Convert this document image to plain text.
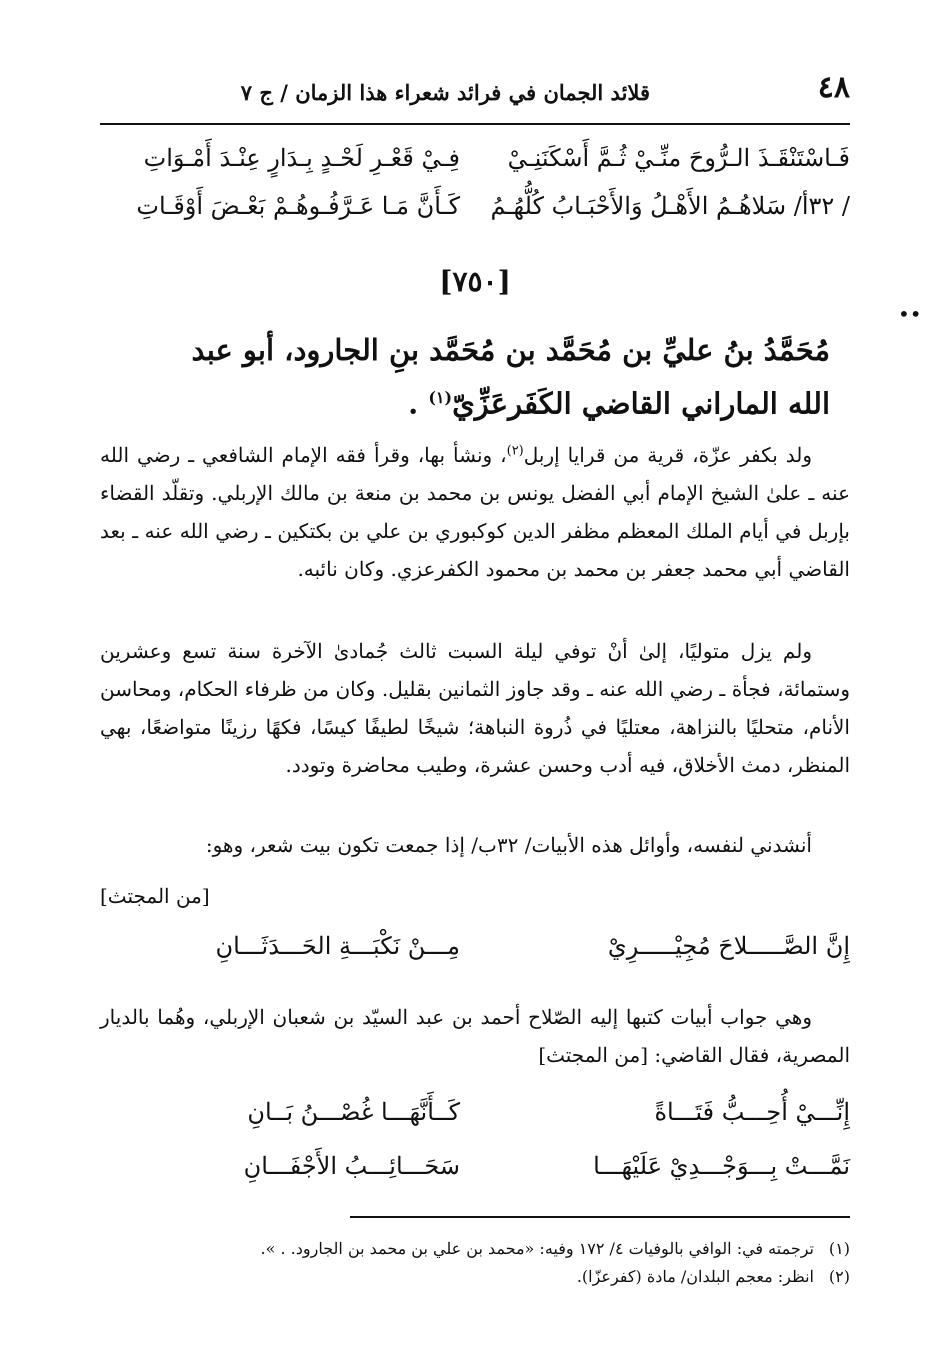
٤٨
قلائد الجمان في فرائد شعراء هذا الزمان / ج ٧
فَـاسْتَنْقَـذَ الـرُّوحَ منِّـيْ ثُـمَّ أَسْكَنَنِـيْ
فِـيْ قَعْـرِ لَحْـدٍ بِـدَارٍ عِنْـدَ أَمْـوَاتِ
/ ٣٢أ/ سَلاهُـمُ الأَهْـلُ وَالأَحْبَـابُ كُلُّهُـمُ
كَـأَنَّ مَـا عَـرَّفُـوهُـمْ بَعْـضَ أَوْقَـاتِ
[٧٥٠]
••
مُحَمَّدُ بنُ عليِّ بن مُحَمَّد بن مُحَمَّد بنِ الجارود، أبو عبد الله الماراني القاضي الكَفَرعَزِّيّ$^{(١)}$ .
ولد بكفر عزّة، قرية من قرايا إربل$^{(٢)}$، ونشأ بها، وقرأ فقه الإمام الشافعي ـ رضي الله عنه ـ علىٰ الشيخ الإمام أبي الفضل يونس بن محمد بن منعة بن مالك الإربلي. وتقلّد القضاء بإربل في أيام الملك المعظم مظفر الدين كوكبوري بن علي بن بكتكين ـ رضي الله عنه ـ بعد القاضي أبي محمد جعفر بن محمد بن محمود الكفرعزي. وكان نائبه.
ولم يزل متوليًا، إلىٰ أنْ توفي ليلة السبت ثالث جُمادىٰ الآخرة سنة تسع وعشرين وستمائة، فجأة ـ رضي الله عنه ـ وقد جاوز الثمانين بقليل. وكان من ظرفاء الحكام، ومحاسن الأنام، متحليًا بالنزاهة، معتليًا في ذُروة النباهة؛ شيخًا لطيفًا كيسًا، فكهًا رزينًا متواضعًا، بهي المنظر، دمث الأخلاق، فيه أدب وحسن عشرة، وطيب محاضرة وتودد.
أنشدني لنفسه، وأوائل هذه الأبيات/ ٣٢ب/ إذا جمعت تكون بيت شعر، وهو:
[من المجتث]
إِنَّ الصَّـــــلاحَ مُجِيْـــــرِيْ
مِـــنْ نَكْبَـــةِ الحَـــدَثَـــانِ
وهي جواب أبيات كتبها إليه الصّلاح أحمد بن عبد السيّد بن شعبان الإربلي، وهُما بالديار المصرية، فقال القاضي: [من المجتث]
إِنِّـــيْ أُحِـــبُّ فَتَـــاةً
كَــأَنَّهَـــا غُصْـــنُ بَــانِ
نَمَّـــتْ بِـــوَجْـــدِيْ عَلَيْهَـــا
سَحَـــائِـــبُ الأَجْفَـــانِ
(١)ترجمته في: الوافي بالوفيات ٤/ ١٧٢ وفيه: «محمد بن علي بن محمد بن الجارود. . ».
(٢)انظر: معجم البلدان/ مادة (كفرعزّا).
